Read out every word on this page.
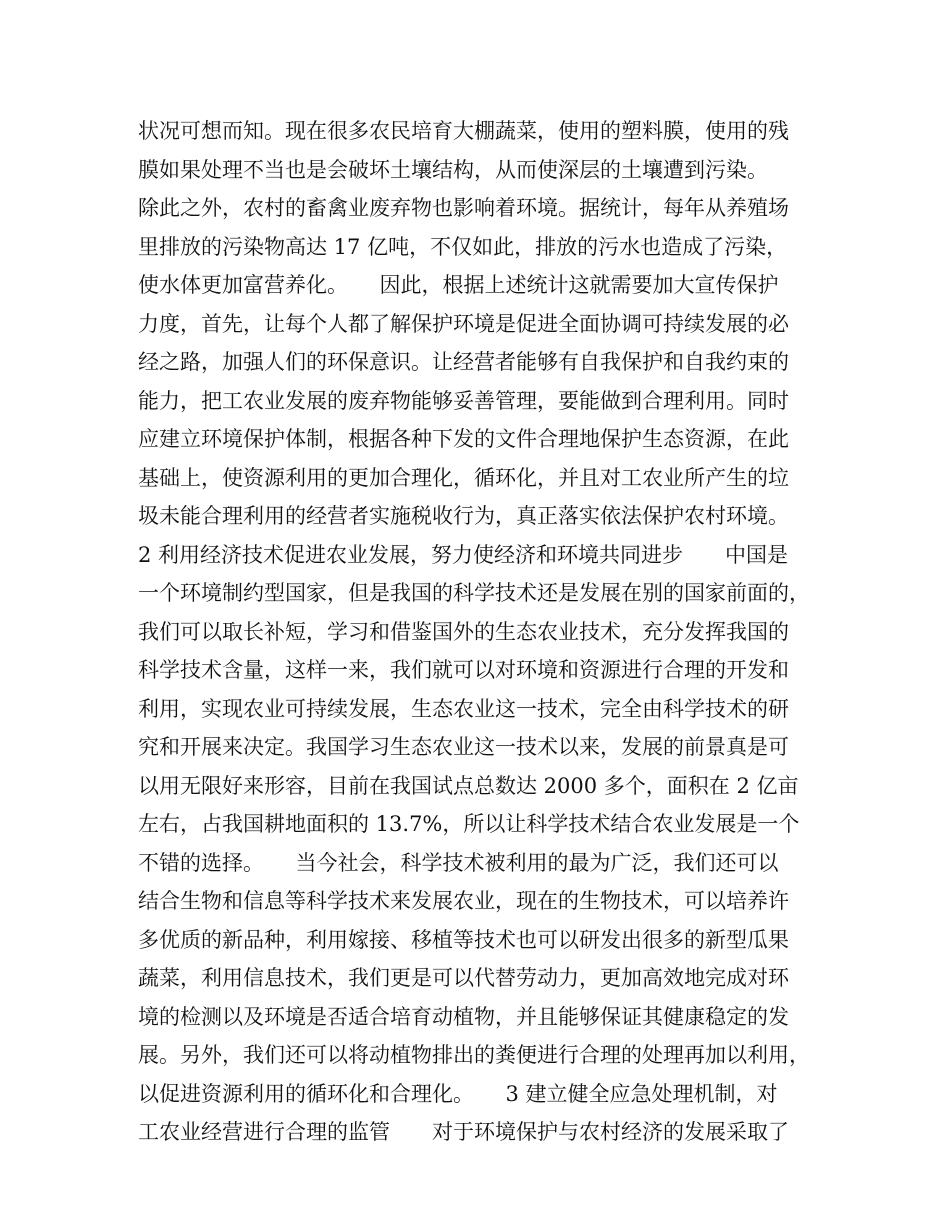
状况可想而知。现在很多农民培育大棚蔬菜，使用的塑料膜，使用的残
膜如果处理不当也是会破坏土壤结构，从而使深层的土壤遭到污染。
除此之外，农村的畜禽业废弃物也影响着环境。据统计，每年从养殖场
里排放的污染物高达 17 亿吨，不仅如此，排放的污水也造成了污染，
使水体更加富营养化。　　因此，根据上述统计这就需要加大宣传保护
力度，首先，让每个人都了解保护环境是促进全面协调可持续发展的必
经之路，加强人们的环保意识。让经营者能够有自我保护和自我约束的
能力，把工农业发展的废弃物能够妥善管理，要能做到合理利用。同时
应建立环境保护体制，根据各种下发的文件合理地保护生态资源，在此
基础上，使资源利用的更加合理化，循环化，并且对工农业所产生的垃
圾未能合理利用的经营者实施税收行为，真正落实依法保护农村环境。
2 利用经济技术促进农业发展，努力使经济和环境共同进步　　中国是
一个环境制约型国家，但是我国的科学技术还是发展在别的国家前面的，
我们可以取长补短，学习和借鉴国外的生态农业技术，充分发挥我国的
科学技术含量，这样一来，我们就可以对环境和资源进行合理的开发和
利用，实现农业可持续发展，生态农业这一技术，完全由科学技术的研
究和开展来决定。我国学习生态农业这一技术以来，发展的前景真是可
以用无限好来形容，目前在我国试点总数达 2000 多个，面积在 2 亿亩
左右，占我国耕地面积的 13.7%，所以让科学技术结合农业发展是一个
不错的选择。　　当今社会，科学技术被利用的最为广泛，我们还可以
结合生物和信息等科学技术来发展农业，现在的生物技术，可以培养许
多优质的新品种，利用嫁接、移植等技术也可以研发出很多的新型瓜果
蔬菜，利用信息技术，我们更是可以代替劳动力，更加高效地完成对环
境的检测以及环境是否适合培育动植物，并且能够保证其健康稳定的发
展。另外，我们还可以将动植物排出的粪便进行合理的处理再加以利用，
以促进资源利用的循环化和合理化。　　3 建立健全应急处理机制，对
工农业经营进行合理的监管　　对于环境保护与农村经济的发展采取了
